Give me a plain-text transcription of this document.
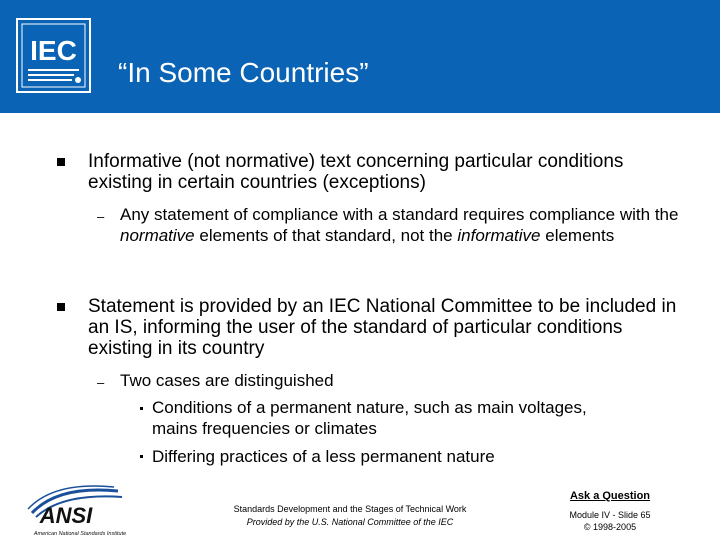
IEC
“In Some Countries”
Informative (not normative) text concerning particular conditions existing in certain countries (exceptions)
– Any statement of compliance with a standard requires compliance with the normative elements of that standard, not the informative elements
Statement is provided by an IEC National Committee to be included in an IS, informing the user of the standard of particular conditions existing in its country
– Two cases are distinguished
Conditions of a permanent nature, such as main voltages, mains frequencies or climates
Differing practices of a less permanent nature
ANSI
American National Standards Institute
Standards Development and the Stages of Technical Work
Provided by the U.S. National Committee of the IEC
Ask a Question
Module IV - Slide 65
© 1998-2005
